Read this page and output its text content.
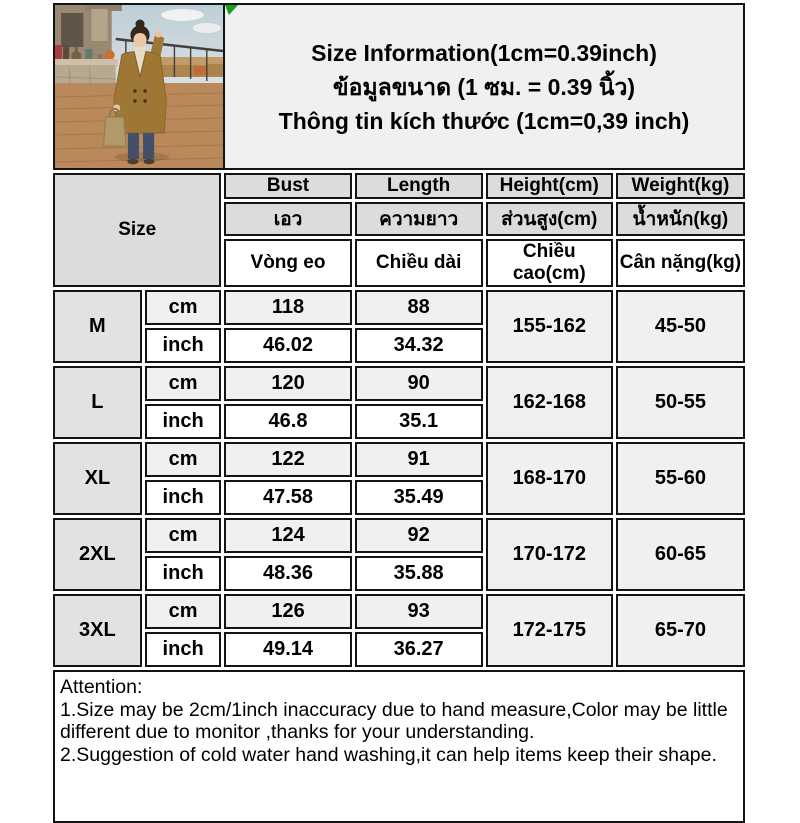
Size Information(1cm=0.39inch)
ข้อมูลขนาด (1 ซม. = 0.39 นิ้ว)
Thông tin kích thước (1cm=0,39 inch)
Size		Bust	Length	Height(cm)	Weight(kg)
		เอว	ความยาว	ส่วนสูง(cm)	น้ำหนัก(kg)
		Vòng eo	Chiều dài	Chiều cao(cm)	Cân nặng(kg)
M	cm	118	88	155-162	45-50
	inch	46.02	34.32		
L	cm	120	90	162-168	50-55
	inch	46.8	35.1		
XL	cm	122	91	168-170	55-60
	inch	47.58	35.49		
2XL	cm	124	92	170-172	60-65
	inch	48.36	35.88		
3XL	cm	126	93	172-175	65-70
	inch	49.14	36.27		
Attention:
1.Size may be 2cm/1inch inaccuracy due to hand measure,Color may be little different due to monitor ,thanks for your understanding.
2.Suggestion of cold water hand washing,it can help items keep their shape.
